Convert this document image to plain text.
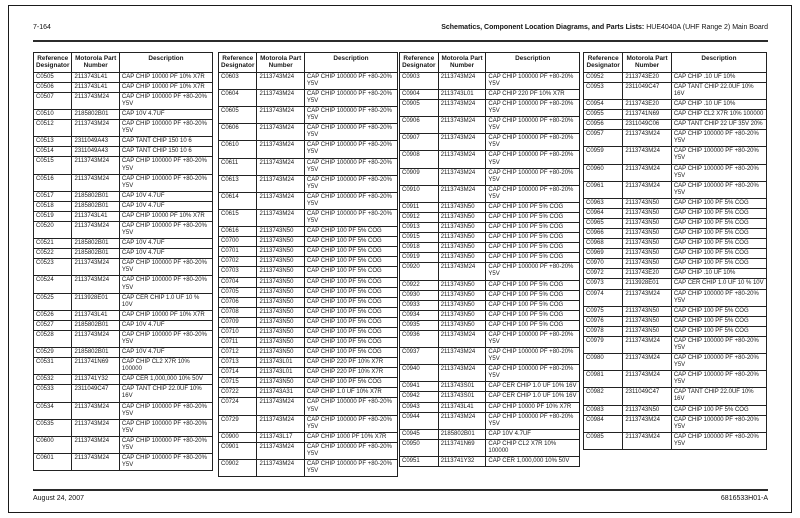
7-164	Schematics, Component Location Diagrams, and Parts Lists: HUE4040A (UHF Range 2) Main Board
Reference Designator	Motorola Part Number	Description
C0505	2113743L41	CAP CHIP 10000 PF 10% X7R
C0506	2113743L41	CAP CHIP 10000 PF 10% X7R
C0507	2113743M24	CAP CHIP 100000 PF +80-20% Y5V
C0510	2185802B01	CAP 10V 4.7UF
C0512	2113743M24	CAP CHIP 100000 PF +80-20% Y5V
C0513	2311049A43	CAP TANT CHIP 150 10 6
C0514	2311049A43	CAP TANT CHIP 150 10 6
C0515	2113743M24	CAP CHIP 100000 PF +80-20% Y5V
C0516	2113743M24	CAP CHIP 100000 PF +80-20% Y5V
C0517	2185802B01	CAP 10V 4.7UF
C0518	2185802B01	CAP 10V 4.7UF
C0519	2113743L41	CAP CHIP 10000 PF 10% X7R
C0520	2113743M24	CAP CHIP 100000 PF +80-20% Y5V
C0521	2185802B01	CAP 10V 4.7UF
C0522	2185802B01	CAP 10V 4.7UF
C0523	2113743M24	CAP CHIP 100000 PF +80-20% Y5V
C0524	2113743M24	CAP CHIP 100000 PF +80-20% Y5V
C0525	2113928E01	CAP CER CHIP 1.0 UF 10 % 10V
C0526	2113743L41	CAP CHIP 10000 PF 10% X7R
C0527	2185802B01	CAP 10V 4.7UF
C0528	2113743M24	CAP CHIP 100000 PF +80-20% Y5V
C0529	2185802B01	CAP 10V 4.7UF
C0531	2113741N69	CAP CHIP CL2 X7R 10% 100000
C0532	2113741Y32	CAP CER 1,000,000 10% 50V
C0533	2311049C47	CAP TANT CHIP 22.0UF 10% 16V
C0534	2113743M24	CAP CHIP 100000 PF +80-20% Y5V
C0535	2113743M24	CAP CHIP 100000 PF +80-20% Y5V
C0600	2113743M24	CAP CHIP 100000 PF +80-20% Y5V
C0601	2113743M24	CAP CHIP 100000 PF +80-20% Y5V
Reference Designator	Motorola Part Number	Description
C0603	2113743M24	CAP CHIP 100000 PF +80-20% Y5V
C0604	2113743M24	CAP CHIP 100000 PF +80-20% Y5V
C0605	2113743M24	CAP CHIP 100000 PF +80-20% Y5V
C0606	2113743M24	CAP CHIP 100000 PF +80-20% Y5V
C0610	2113743M24	CAP CHIP 100000 PF +80-20% Y5V
C0611	2113743M24	CAP CHIP 100000 PF +80-20% Y5V
C0613	2113743M24	CAP CHIP 100000 PF +80-20% Y5V
C0614	2113743M24	CAP CHIP 100000 PF +80-20% Y5V
C0615	2113743M24	CAP CHIP 100000 PF +80-20% Y5V
C0616	2113743N50	CAP CHIP 100 PF 5% COG
C0700	2113743N50	CAP CHIP 100 PF 5% COG
C0701	2113743N50	CAP CHIP 100 PF 5% COG
C0702	2113743N50	CAP CHIP 100 PF 5% COG
C0703	2113743N50	CAP CHIP 100 PF 5% COG
C0704	2113743N50	CAP CHIP 100 PF 5% COG
C0705	2113743N50	CAP CHIP 100 PF 5% COG
C0706	2113743N50	CAP CHIP 100 PF 5% COG
C0708	2113743N50	CAP CHIP 100 PF 5% COG
C0709	2113743N50	CAP CHIP 100 PF 5% COG
C0710	2113743N50	CAP CHIP 100 PF 5% COG
C0711	2113743N50	CAP CHIP 100 PF 5% COG
C0712	2113743N50	CAP CHIP 100 PF 5% COG
C0713	2113743L01	CAP CHIP 220 PF 10% X7R
C0714	2113743L01	CAP CHIP 220 PF 10% X7R
C0715	2113743N50	CAP CHIP 100 PF 5% COG
C0722	2113743A31	CAP CHIP 1.0 UF 10% X7R
C0724	2113743M24	CAP CHIP 100000 PF +80-20% Y5V
C0729	2113743M24	CAP CHIP 100000 PF +80-20% Y5V
C0900	2113743L17	CAP CHIP 1000 PF 10% X7R
C0901	2113743M24	CAP CHIP 100000 PF +80-20% Y5V
C0902	2113743M24	CAP CHIP 100000 PF +80-20% Y5V
Reference Designator	Motorola Part Number	Description
C0903	2113743M24	CAP CHIP 100000 PF +80-20% Y5V
C0904	2113743L01	CAP CHIP 220 PF 10% X7R
C0905	2113743M24	CAP CHIP 100000 PF +80-20% Y5V
C0906	2113743M24	CAP CHIP 100000 PF +80-20% Y5V
C0907	2113743M24	CAP CHIP 100000 PF +80-20% Y5V
C0908	2113743M24	CAP CHIP 100000 PF +80-20% Y5V
C0909	2113743M24	CAP CHIP 100000 PF +80-20% Y5V
C0910	2113743M24	CAP CHIP 100000 PF +80-20% Y5V
C0911	2113743N50	CAP CHIP 100 PF 5% COG
C0912	2113743N50	CAP CHIP 100 PF 5% COG
C0913	2113743N50	CAP CHIP 100 PF 5% COG
C0915	2113743N50	CAP CHIP 100 PF 5% COG
C0918	2113743N50	CAP CHIP 100 PF 5% COG
C0919	2113743N50	CAP CHIP 100 PF 5% COG
C0920	2113743M24	CAP CHIP 100000 PF +80-20% Y5V
C0922	2113743N50	CAP CHIP 100 PF 5% COG
C0930	2113743N50	CAP CHIP 100 PF 5% COG
C0933	2113743N50	CAP CHIP 100 PF 5% COG
C0934	2113743N50	CAP CHIP 100 PF 5% COG
C0935	2113743N50	CAP CHIP 100 PF 5% COG
C0936	2113743M24	CAP CHIP 100000 PF +80-20% Y5V
C0937	2113743M24	CAP CHIP 100000 PF +80-20% Y5V
C0940	2113743M24	CAP CHIP 100000 PF +80-20% Y5V
C0941	2113743S01	CAP CER CHIP 1.0 UF 10% 16V
C0942	2113743S01	CAP CER CHIP 1.0 UF 10% 16V
C0943	2113743L41	CAP CHIP 10000 PF 10% X7R
C0944	2113743M24	CAP CHIP 100000 PF +80-20% Y5V
C0945	2185802B01	CAP 10V 4.7UF
C0950	2113741N69	CAP CHIP CL2 X7R 10% 100000
C0951	2113741Y32	CAP CER 1,000,000 10% 50V
Reference Designator	Motorola Part Number	Description
C0952	2113743E20	CAP CHIP .10 UF 10%
C0953	2311049C47	CAP TANT CHIP 22.0UF 10% 16V
C0954	2113743E20	CAP CHIP .10 UF 10%
C0955	2113741N69	CAP CHIP CL2 X7R 10% 100000
C0956	2311049C06	CAP TANT CHIP 22 UF 35V 20%
C0957	2113743M24	CAP CHIP 100000 PF +80-20% Y5V
C0959	2113743M24	CAP CHIP 100000 PF +80-20% Y5V
C0960	2113743M24	CAP CHIP 100000 PF +80-20% Y5V
C0961	2113743M24	CAP CHIP 100000 PF +80-20% Y5V
C0963	2113743N50	CAP CHIP 100 PF 5% COG
C0964	2113743N50	CAP CHIP 100 PF 5% COG
C0965	2113743N50	CAP CHIP 100 PF 5% COG
C0966	2113743N50	CAP CHIP 100 PF 5% COG
C0968	2113743N50	CAP CHIP 100 PF 5% COG
C0969	2113743N50	CAP CHIP 100 PF 5% COG
C0970	2113743N50	CAP CHIP 100 PF 5% COG
C0972	2113743E20	CAP CHIP .10 UF 10%
C0973	2113928E01	CAP CER CHIP 1.0 UF 10 % 10V
C0974	2113743M24	CAP CHIP 100000 PF +80-20% Y5V
C0975	2113743N50	CAP CHIP 100 PF 5% COG
C0976	2113743N50	CAP CHIP 100 PF 5% COG
C0978	2113743N50	CAP CHIP 100 PF 5% COG
C0979	2113743M24	CAP CHIP 100000 PF +80-20% Y5V
C0980	2113743M24	CAP CHIP 100000 PF +80-20% Y5V
C0981	2113743M24	CAP CHIP 100000 PF +80-20% Y5V
C0982	2311049C47	CAP TANT CHIP 22.0UF 10% 16V
C0983	2113743N50	CAP CHIP 100 PF 5% COG
C0984	2113743M24	CAP CHIP 100000 PF +80-20% Y5V
C0985	2113743M24	CAP CHIP 100000 PF +80-20% Y5V
August 24, 2007	6816533H01-A
